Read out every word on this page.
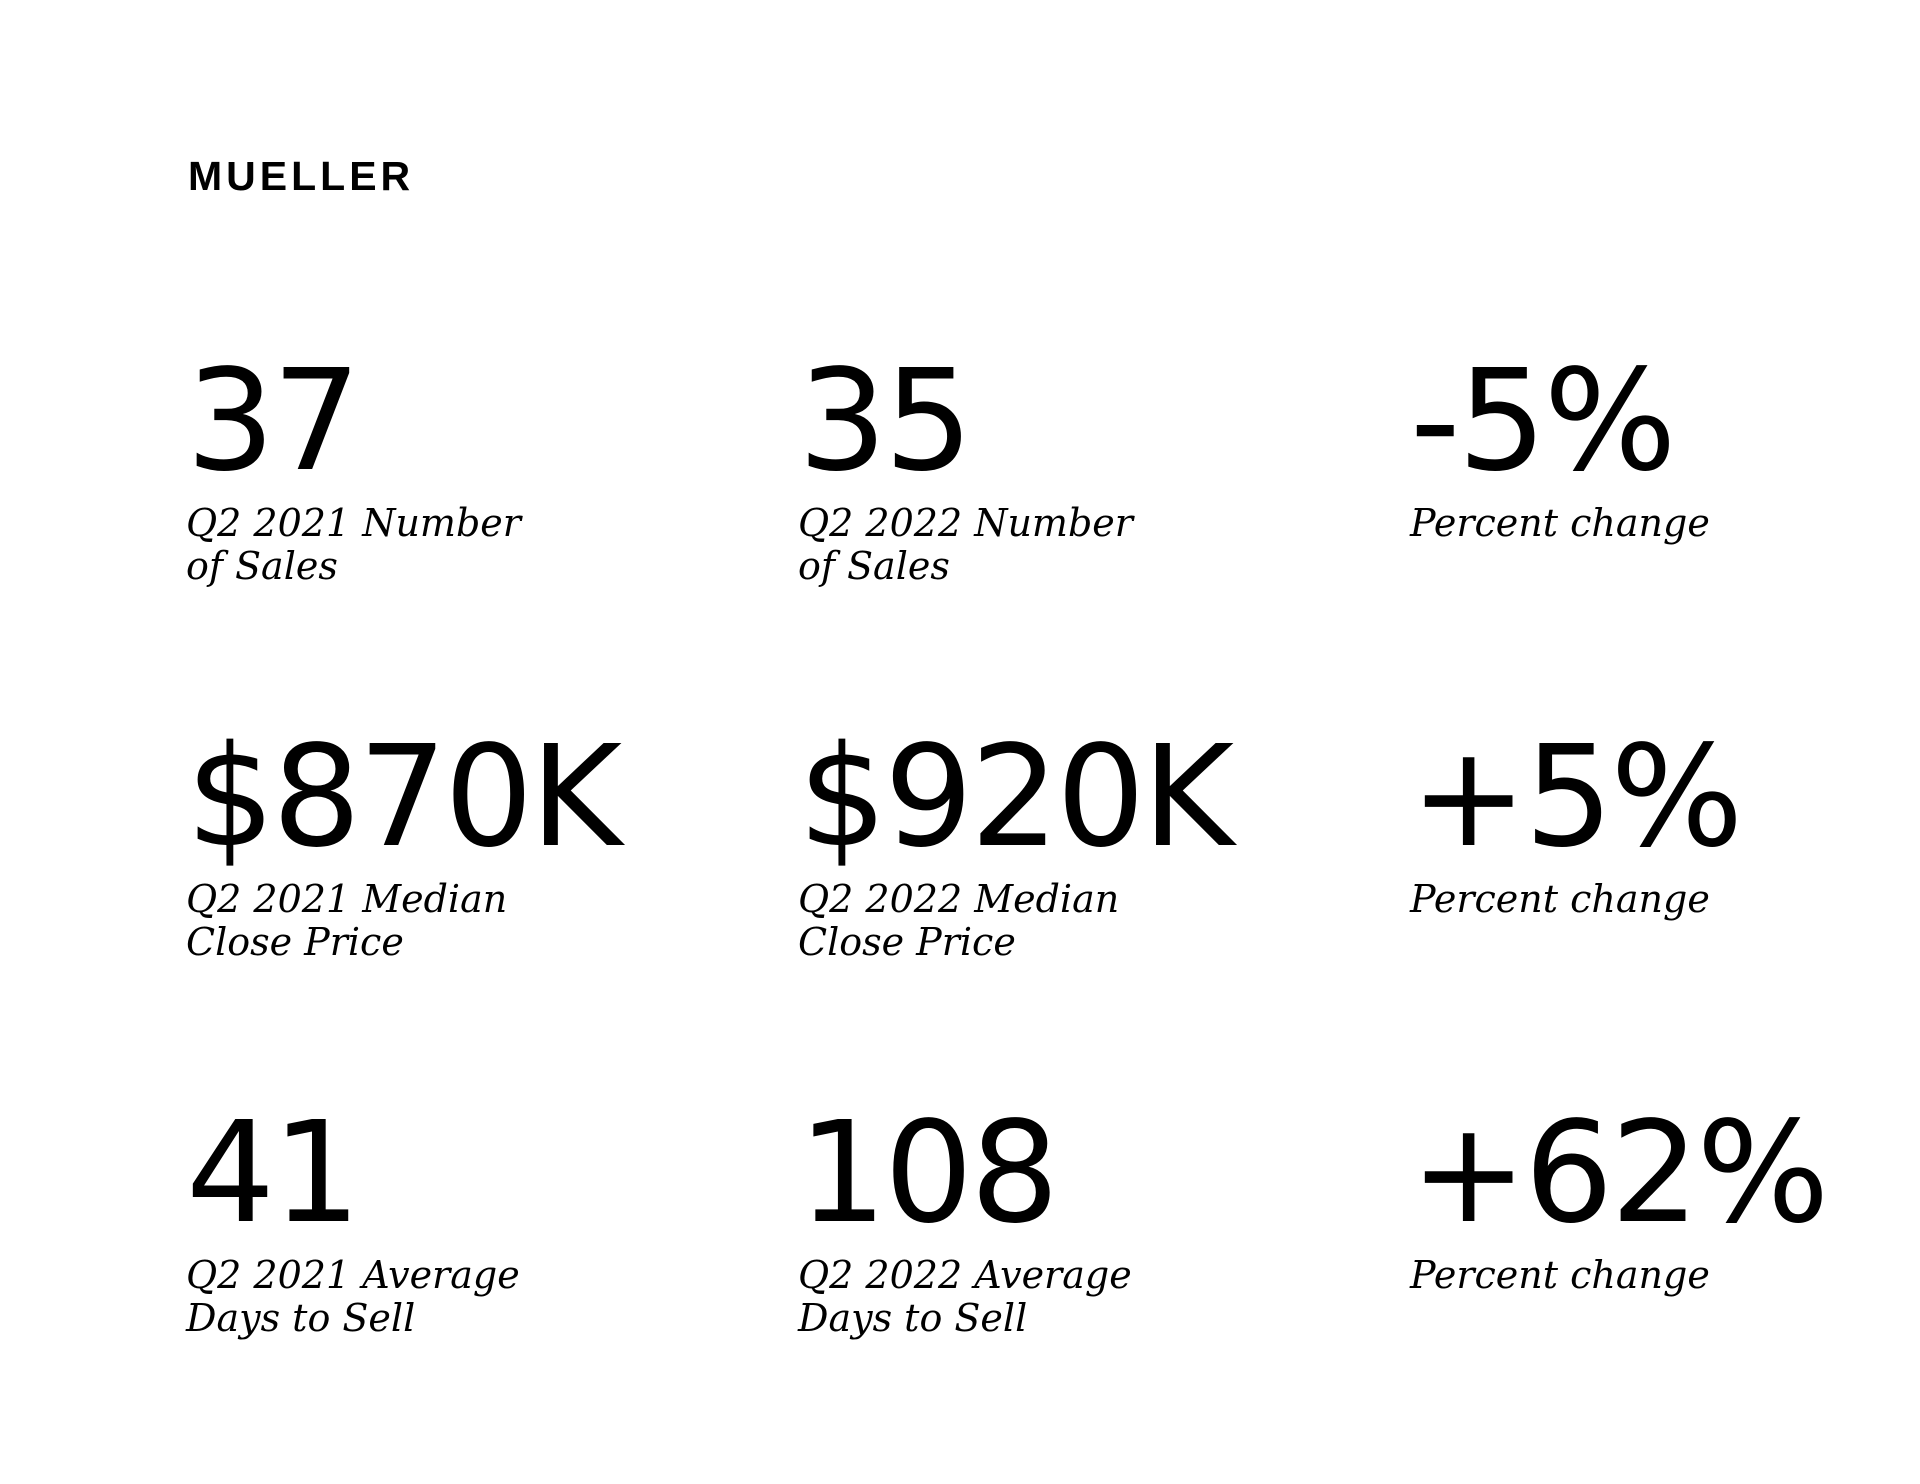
MUELLER
37
Q2 2021 Number
of Sales
35
Q2 2022 Number
of Sales
-5%
Percent change
$870K
Q2 2021 Median
Close Price
$920K
Q2 2022 Median
Close Price
+5%
Percent change
41
Q2 2021 Average
Days to Sell
108
Q2 2022 Average
Days to Sell
+62%
Percent change
